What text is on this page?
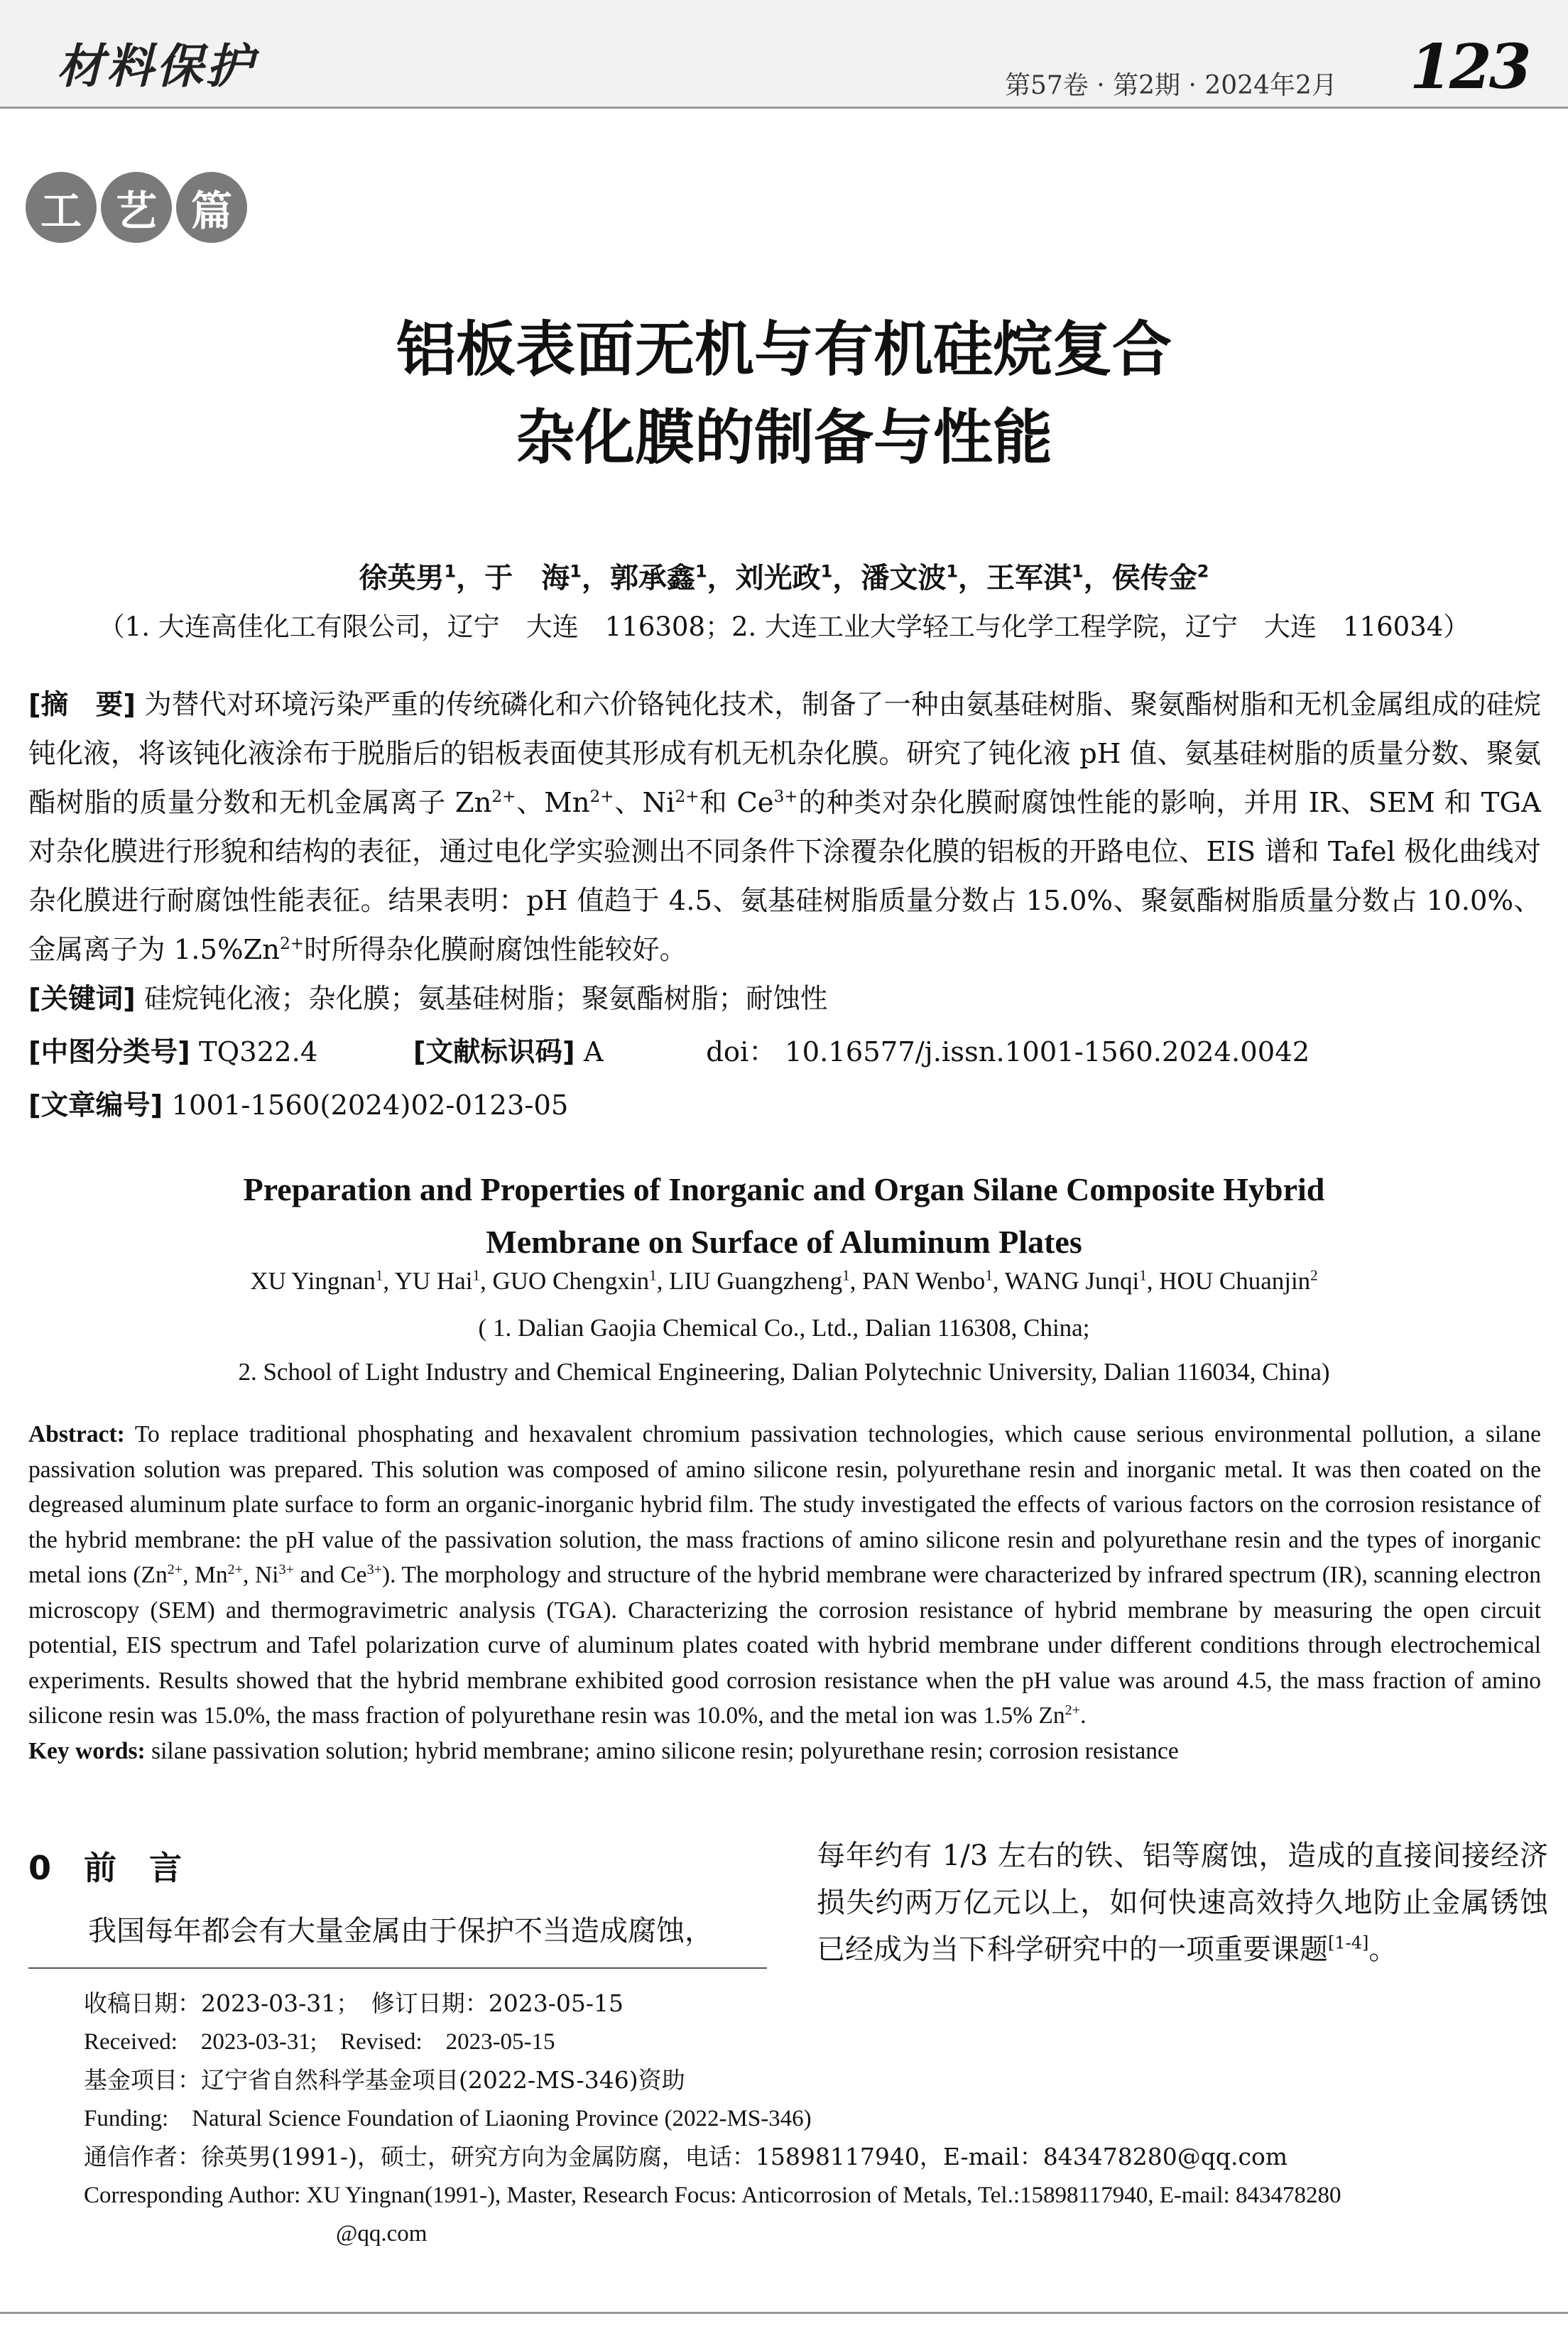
材料保护	第57卷 · 第2期 · 2024年2月 123
工 艺 篇
铝板表面无机与有机硅烷复合
杂化膜的制备与性能
徐英男$^1$，于　海$^1$，郭承鑫$^1$，刘光政$^1$，潘文波$^1$，王军淇$^1$，侯传金$^2$
（1. 大连高佳化工有限公司，辽宁　大连　116308；2. 大连工业大学轻工与化学工程学院，辽宁　大连　116034）
[摘　要] 为替代对环境污染严重的传统磷化和六价铬钝化技术，制备了一种由氨基硅树脂、聚氨酯树脂和无机金属组成的硅烷钝化液，将该钝化液涂布于脱脂后的铝板表面使其形成有机无机杂化膜。研究了钝化液 pH 值、氨基硅树脂的质量分数、聚氨酯树脂的质量分数和无机金属离子 $Zn^{2+}$、$Mn^{2+}$、$Ni^{2+}$和 $Ce^{3+}$的种类对杂化膜耐腐蚀性能的影响，并用 IR、SEM 和 TGA 对杂化膜进行形貌和结构的表征，通过电化学实验测出不同条件下涂覆杂化膜的铝板的开路电位、EIS 谱和 Tafel 极化曲线对杂化膜进行耐腐蚀性能表征。结果表明：pH 值趋于 4.5、氨基硅树脂质量分数占 15.0%、聚氨酯树脂质量分数占 10.0%、金属离子为 $1.5\%Zn^{2+}$时所得杂化膜耐腐蚀性能较好。
[关键词] 硅烷钝化液；杂化膜；氨基硅树脂；聚氨酯树脂；耐蚀性
[中图分类号] TQ322.4	[文献标识码] A	doi： 10.16577/j.issn.1001-1560.2024.0042
[文章编号] 1001-1560(2024)02-0123-05
Preparation and Properties of Inorganic and Organ Silane Composite Hybrid
Membrane on Surface of Aluminum Plates
XU Yingnan$^1$, YU Hai$^1$, GUO Chengxin$^1$, LIU Guangzheng$^1$, PAN Wenbo$^1$, WANG Junqi$^1$, HOU Chuanjin$^2$
( 1. Dalian Gaojia Chemical Co., Ltd., Dalian 116308, China;
2. School of Light Industry and Chemical Engineering, Dalian Polytechnic University, Dalian 116034, China)
Abstract: To replace traditional phosphating and hexavalent chromium passivation technologies, which cause serious environmental pollution, a silane passivation solution was prepared. This solution was composed of amino silicone resin, polyurethane resin and inorganic metal. It was then coated on the degreased aluminum plate surface to form an organic-inorganic hybrid film. The study investigated the effects of various factors on the corrosion resistance of the hybrid membrane: the pH value of the passivation solution, the mass fractions of amino silicone resin and polyurethane resin and the types of inorganic metal ions ($Zn^{2+}$, $Mn^{2+}$, $Ni^{3+}$ and $Ce^{3+}$). The morphology and structure of the hybrid membrane were characterized by infrared spectrum (IR), scanning electron microscopy (SEM) and thermogravimetric analysis (TGA). Characterizing the corrosion resistance of hybrid membrane by measuring the open circuit potential, EIS spectrum and Tafel polarization curve of aluminum plates coated with hybrid membrane under different conditions through electrochemical experiments. Results showed that the hybrid membrane exhibited good corrosion resistance when the pH value was around 4.5, the mass fraction of amino silicone resin was 15.0%, the mass fraction of polyurethane resin was 10.0%, and the metal ion was 1.5% $Zn^{2+}$.
Key words: silane passivation solution; hybrid membrane; amino silicone resin; polyurethane resin; corrosion resistance
0 前　言
我国每年都会有大量金属由于保护不当造成腐蚀，
每年约有 1/3 左右的铁、铝等腐蚀，造成的直接间接经济损失约两万亿元以上，如何快速高效持久地防止金属锈蚀已经成为当下科学研究中的一项重要课题[1-4]。
收稿日期：2023-03-31；　修订日期：2023-05-15
Received:　2023-03-31;　Revised:　2023-05-15
基金项目：辽宁省自然科学基金项目(2022-MS-346)资助
Funding:　Natural Science Foundation of Liaoning Province (2022-MS-346)
通信作者：徐英男(1991-)，硕士，研究方向为金属防腐，电话：15898117940，E-mail：843478280@qq.com
Corresponding Author: XU Yingnan(1991-), Master, Research Focus: Anticorrosion of Metals, Tel.:15898117940, E-mail: 843478280
@qq.com
